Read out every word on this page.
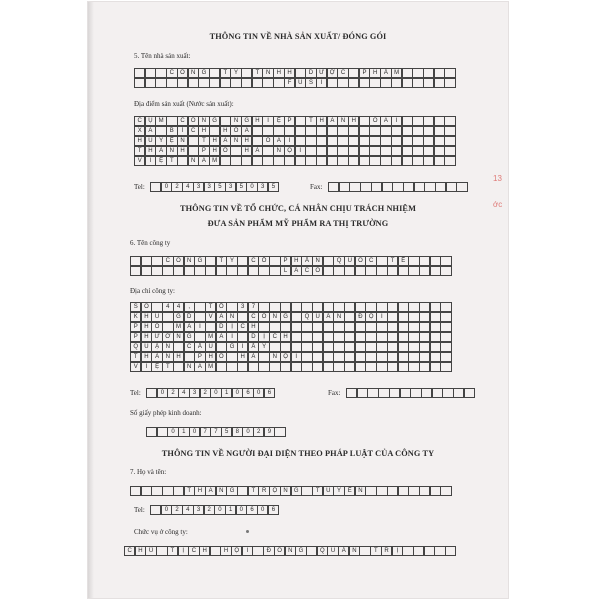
THÔNG TIN VỀ NHÀ SẢN XUẤT/ ĐÓNG GÓI
5. Tên nhà sản xuất:
C	Ô	N	G	T	Y	T	N	H	H	D Ư Ợ C	P	H	Ẩ	M
F	U	S	I
Địa điểm sản xuất (Nước sản xuất):
C	Ụ	M	C	Ô	N	G	N	G	H	I	Ệ	P	T	H	A	N	H	O	A	I
X	Ã	B	Í	C	H	H	Ò	A
H	U	Y	Ệ	N	T	H	A	N	H	O	A	I
T	H	À	N	H	P	H	Ố	H	À	N	Ộ	I
V	I	Ệ	T	N	A	M
Tel:	0	2	4	3	3	5	3	5	0	3	5	Fax:
THÔNG TIN VỀ TỔ CHỨC, CÁ NHÂN CHỊU TRÁCH NHIỆM
ĐƯA SẢN PHẨM MỸ PHẨM RA THỊ TRƯỜNG
6. Tên công ty
C	Ô	N	G	T	Y	C	Ổ	P	H	Ầ	N	Q	U	Ố	C	T	Ế
L	A	C	O
Địa chỉ công ty:
S	Ố	4	4	,	T	Ổ	3	7
K	H	U	G	D	V	Ă	N	C	Ô	N	G	Q	U	Â	N	Đ	Ộ	I
P	H	Ố	M	A	I	D	Ị	C	H
P	H Ư Ờ N	G	M	A	I	D	Ị	C	H
Q	U	Ậ	N	C	Ầ	U	G	I	Ấ	Y
T	H	À	N	H	P	H	Ố	H	À	N	Ộ	I
V	I	Ệ	T	N	A	M
Tel:	0	2	4	3	2	0	1	0	6	0	6	Fax:
Số giấy phép kinh doanh:
0	1	0	7	7	5	8	0	2	9
THÔNG TIN VỀ NGƯỜI ĐẠI DIỆN THEO PHÁP LUẬT CỦA CÔNG TY
7. Họ và tên:
T	H	A	N	G	T	R	Ọ	N	G	T	U	Y	Ể	N
Tel:	0	2	4	3	2	0	1	0	6	0	6
Chức vụ ở công ty:
C	H	Ủ	T	Ị	C	H	H	Ộ	I	Đ	Ồ	N	G	Q	U	Ả	N	T	R	Ị
13
ớc
